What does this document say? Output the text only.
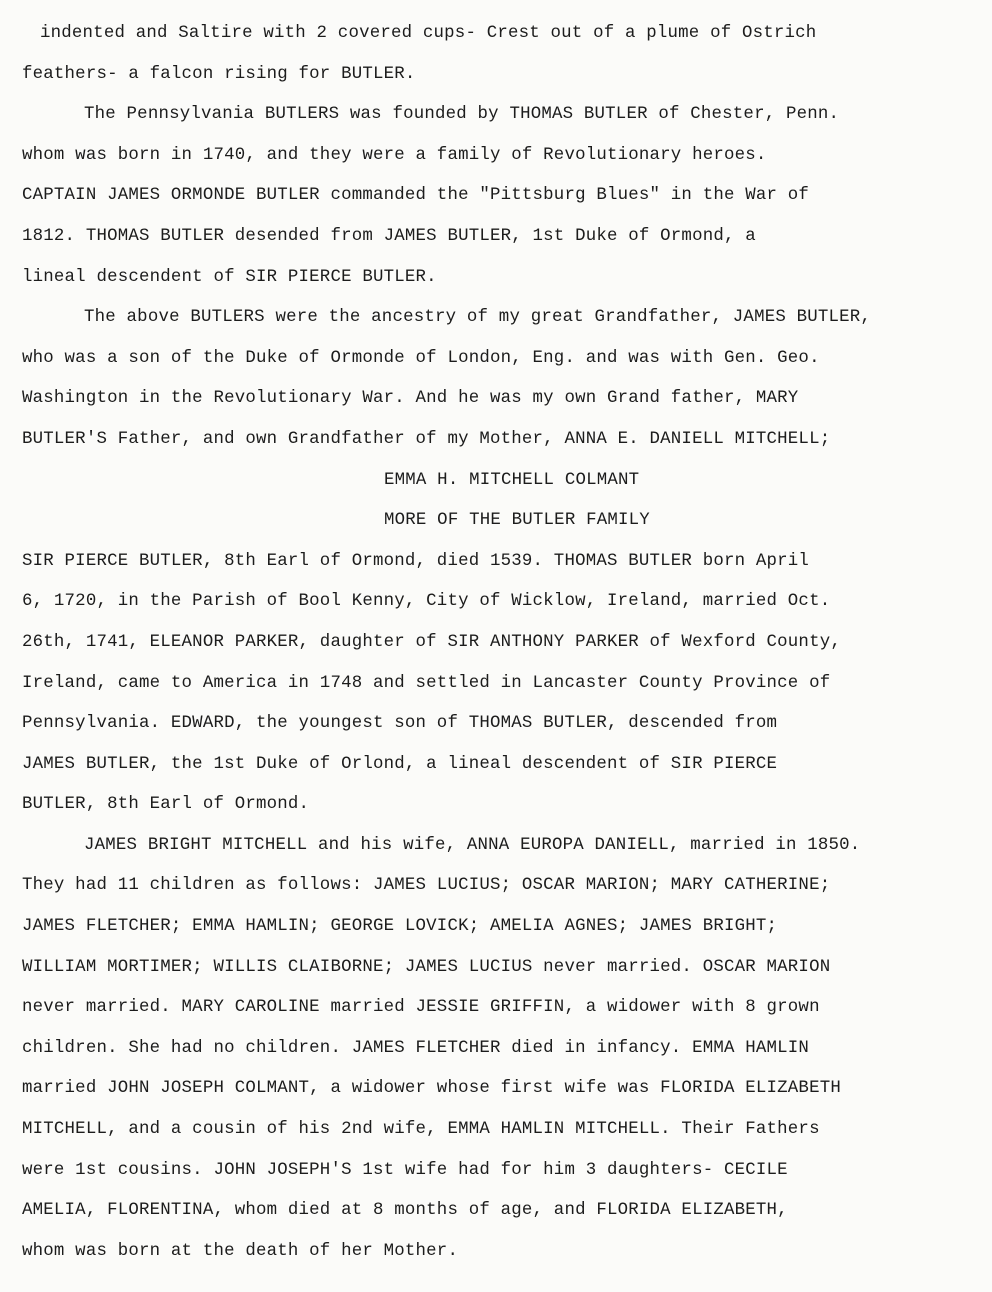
indented and Saltire with 2 covered cups- Crest out of a plume of Ostrich
feathers- a falcon rising for BUTLER.
The Pennsylvania BUTLERS was founded by THOMAS BUTLER of Chester, Penn.
whom was born in 1740, and they were a family of Revolutionary heroes.
CAPTAIN JAMES ORMONDE BUTLER commanded the "Pittsburg Blues" in the War of
1812. THOMAS BUTLER desended from JAMES BUTLER, 1st Duke of Ormond, a
lineal descendent of SIR PIERCE BUTLER.
The above BUTLERS were the ancestry of my great Grandfather, JAMES BUTLER,
who was a son of the Duke of Ormonde of London, Eng. and was with Gen. Geo.
Washington in the Revolutionary War. And he was my own Grand father, MARY
BUTLER'S Father, and own Grandfather of my Mother, ANNA E. DANIELL MITCHELL;
EMMA H. MITCHELL COLMANT
MORE OF THE BUTLER FAMILY
SIR PIERCE BUTLER, 8th Earl of Ormond, died 1539. THOMAS BUTLER born April
6, 1720, in the Parish of Bool Kenny, City of Wicklow, Ireland, married Oct.
26th, 1741, ELEANOR PARKER, daughter of SIR ANTHONY PARKER of Wexford County,
Ireland, came to America in 1748 and settled in Lancaster County Province of
Pennsylvania. EDWARD, the youngest son of THOMAS BUTLER, descended from
JAMES BUTLER, the 1st Duke of Orlond, a lineal descendent of SIR PIERCE
BUTLER, 8th Earl of Ormond.
JAMES BRIGHT MITCHELL and his wife, ANNA EUROPA DANIELL, married in 1850.
They had 11 children as follows: JAMES LUCIUS; OSCAR MARION; MARY CATHERINE;
JAMES FLETCHER; EMMA HAMLIN; GEORGE LOVICK; AMELIA AGNES; JAMES BRIGHT;
WILLIAM MORTIMER; WILLIS CLAIBORNE; JAMES LUCIUS never married. OSCAR MARION
never married. MARY CAROLINE married JESSIE GRIFFIN, a widower with 8 grown
children. She had no children. JAMES FLETCHER died in infancy. EMMA HAMLIN
married JOHN JOSEPH COLMANT, a widower whose first wife was FLORIDA ELIZABETH
MITCHELL, and a cousin of his 2nd wife, EMMA HAMLIN MITCHELL. Their Fathers
were 1st cousins. JOHN JOSEPH'S 1st wife had for him 3 daughters- CECILE
AMELIA, FLORENTINA, whom died at 8 months of age, and FLORIDA ELIZABETH,
whom was born at the death of her Mother.
